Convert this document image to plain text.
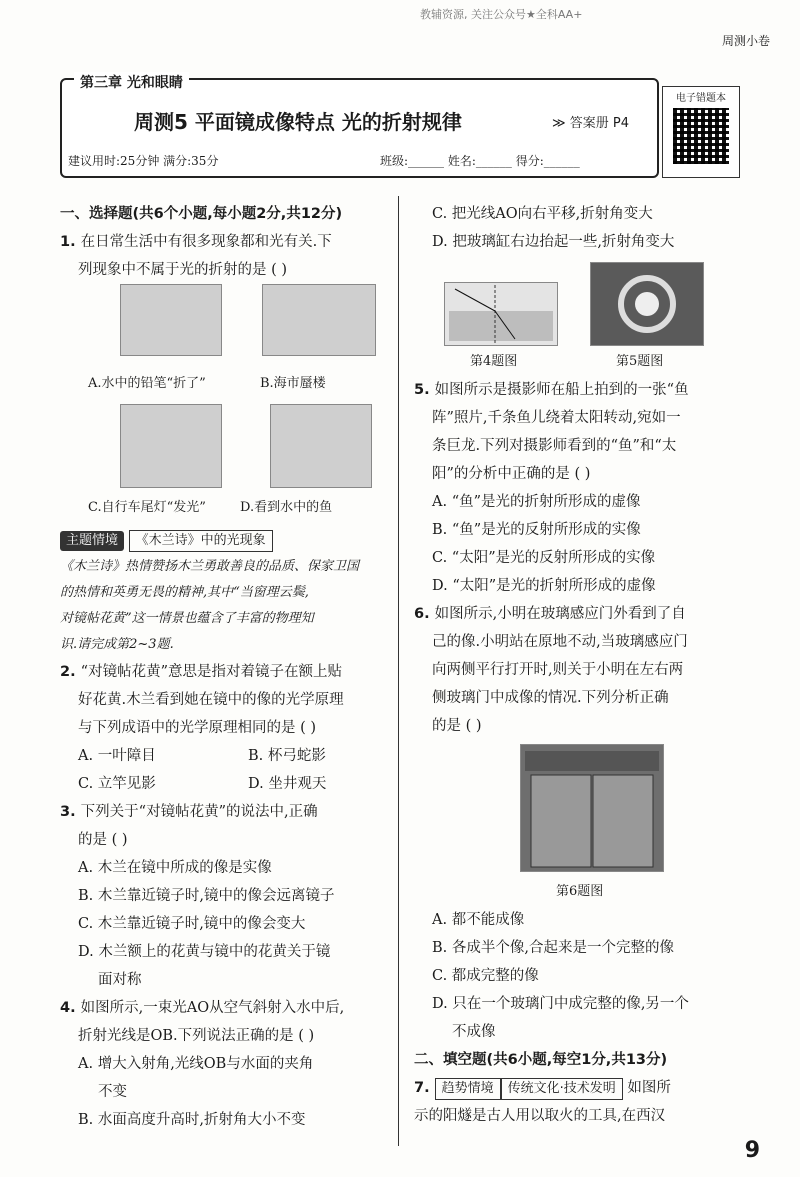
教辅资源, 关注公众号★全科AA+
周测小卷
第三章 光和眼睛
周测5 平面镜成像特点 光的折射规律	≫ 答案册 P4
建议用时:25分钟 满分:35分	班级:______ 姓名:______ 得分:______
电子错题本

一、选择题(共6个小题,每小题2分,共12分)

1. 在日常生活中有很多现象都和光有关.下

列现象中不属于光的折射的是 ( )

A.水中的铅笔“折了”	B.海市蜃楼
C.自行车尾灯“发光”	D.看到水中的鱼

主题情境 《木兰诗》中的光现象

《木兰诗》热情赞扬木兰勇敢善良的品质、保家卫国

的热情和英勇无畏的精神,其中“当窗理云鬓,

对镜帖花黄”这一情景也蕴含了丰富的物理知

识.请完成第2~3题.

2. “对镜帖花黄”意思是指对着镜子在额上贴

好花黄.木兰看到她在镜中的像的光学原理

与下列成语中的光学原理相同的是 ( )

A. 一叶障目	B. 杯弓蛇影

C. 立竿见影	D. 坐井观天

3. 下列关于“对镜帖花黄”的说法中,正确

的是 ( )

A. 木兰在镜中所成的像是实像

B. 木兰靠近镜子时,镜中的像会远离镜子

C. 木兰靠近镜子时,镜中的像会变大

D. 木兰额上的花黄与镜中的花黄关于镜

面对称

4. 如图所示,一束光AO从空气斜射入水中后,

折射光线是OB.下列说法正确的是 ( )

A. 增大入射角,光线OB与水面的夹角

不变

B. 水面高度升高时,折射角大小不变

C. 把光线AO向右平移,折射角变大

D. 把玻璃缸右边抬起一些,折射角变大

第4题图	第5题图

5. 如图所示是摄影师在船上拍到的一张“鱼

阵”照片,千条鱼儿绕着太阳转动,宛如一

条巨龙.下列对摄影师看到的“鱼”和“太

阳”的分析中正确的是 ( )

A. “鱼”是光的折射所形成的虚像

B. “鱼”是光的反射所形成的实像

C. “太阳”是光的反射所形成的实像

D. “太阳”是光的折射所形成的虚像

6. 如图所示,小明在玻璃感应门外看到了自

己的像.小明站在原地不动,当玻璃感应门

向两侧平行打开时,则关于小明在左右两

侧玻璃门中成像的情况.下列分析正确

的是 ( )

第6题图

A. 都不能成像

B. 各成半个像,合起来是一个完整的像

C. 都成完整的像

D. 只在一个玻璃门中成完整的像,另一个

不成像

二、填空题(共6小题,每空1分,共13分)

7. 趋势情境 传统文化·技术发明 如图所

示的阳燧是古人用以取火的工具,在西汉

9
